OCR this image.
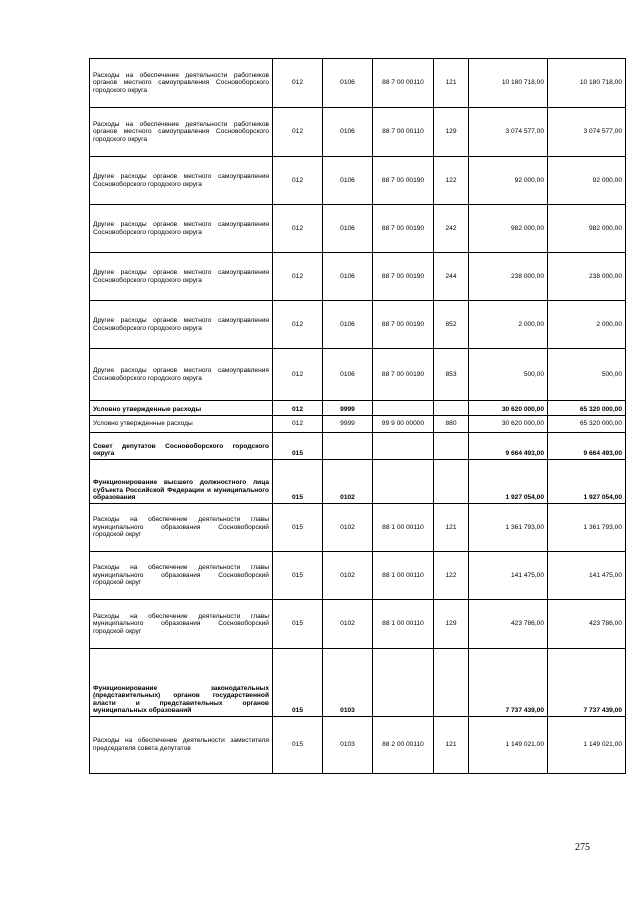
Расходы на обеспечение деятельности работников органов местного самоуправления Сосновоборского городского округа	012	0106	88 7 00 00110	121	10 180 718,00	10 180 718,00
Расходы на обеспечение деятельности работников органов местного самоуправления Сосновоборского городского округа	012	0106	88 7 00 00110	129	3 074 577,00	3 074 577,00
Другие расходы органов местного самоуправления Сосновоборского городского округа	012	0106	88 7 00 00190	122	92 000,00	92 000,00
Другие расходы органов местного самоуправления Сосновоборского городского округа	012	0106	88 7 00 00190	242	982 000,00	982 000,00
Другие расходы органов местного самоуправления Сосновоборского городского округа	012	0106	88 7 00 00190	244	238 000,00	238 000,00
Другие расходы органов местного самоуправления Сосновоборского городского округа	012	0106	88 7 00 00190	852	2 000,00	2 000,00
Другие расходы органов местного самоуправления Сосновоборского городского округа	012	0106	88 7 00 00190	853	500,00	500,00
Условно утвержденные расходы	012	9999			30 620 000,00	65 320 000,00
Условно утвержденные расходы	012	9999	99 9 00 00000	880	30 620 000,00	65 320 000,00
Совет депутатов Сосновоборского городского округа	015				9 664 493,00	9 664 493,00
Функционирование высшего должностного лица субъекта Российской Федерации и муниципального образования	015	0102			1 927 054,00	1 927 054,00
Расходы на обеспечение деятельности главы муниципального образования Сосновоборский городской округ	015	0102	88 1 00 00110	121	1 361 793,00	1 361 793,00
Расходы на обеспечение деятельности главы муниципального образования Сосновоборский городской округ	015	0102	88 1 00 00110	122	141 475,00	141 475,00
Расходы на обеспечение деятельности главы муниципального образования Сосновоборский городской округ	015	0102	88 1 00 00110	129	423 786,00	423 786,00
Функционирование законодательных (представительных) органов государственной власти и представительных органов муниципальных образований	015	0103			7 737 439,00	7 737 439,00
Расходы на обеспечение деятельности заместителя председателя совета депутатов	015	0103	88 2 00 00110	121	1 149 021,00	1 149 021,00
275
